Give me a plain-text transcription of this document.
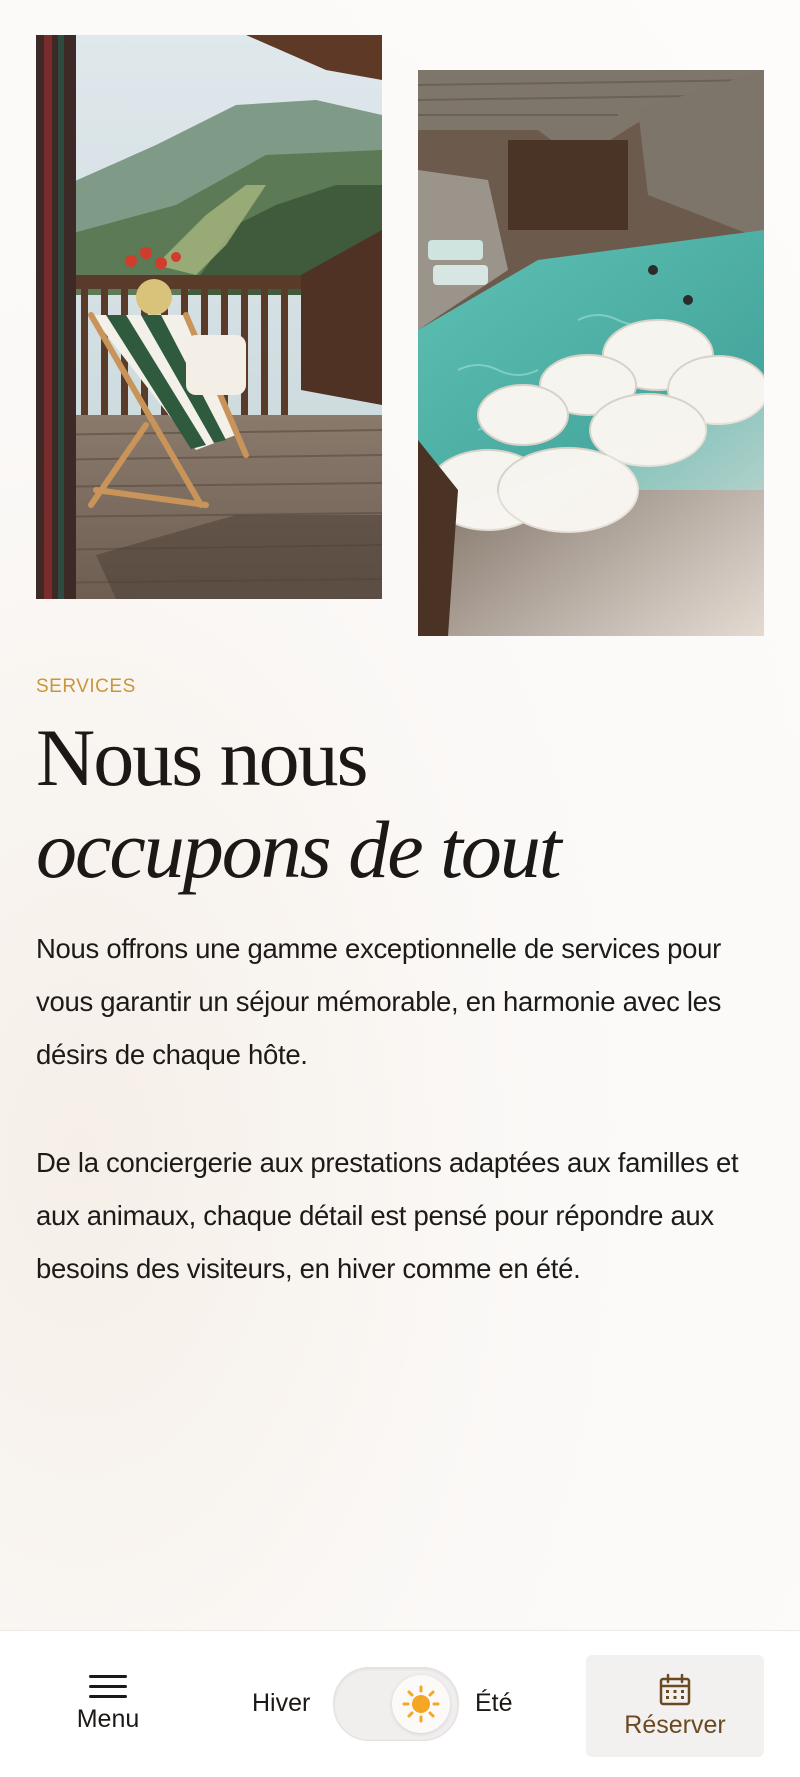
SERVICES
Nous nous
occupons de tout

Nous offrons une gamme exceptionnelle de services pour vous garantir un séjour mémorable, en harmonie avec les désirs de chaque hôte.

De la conciergerie aux prestations adaptées aux familles et aux animaux, chaque détail est pensé pour répondre aux besoins des visiteurs, en hiver comme en été.

Menu
Hiver	Été
Réserver
